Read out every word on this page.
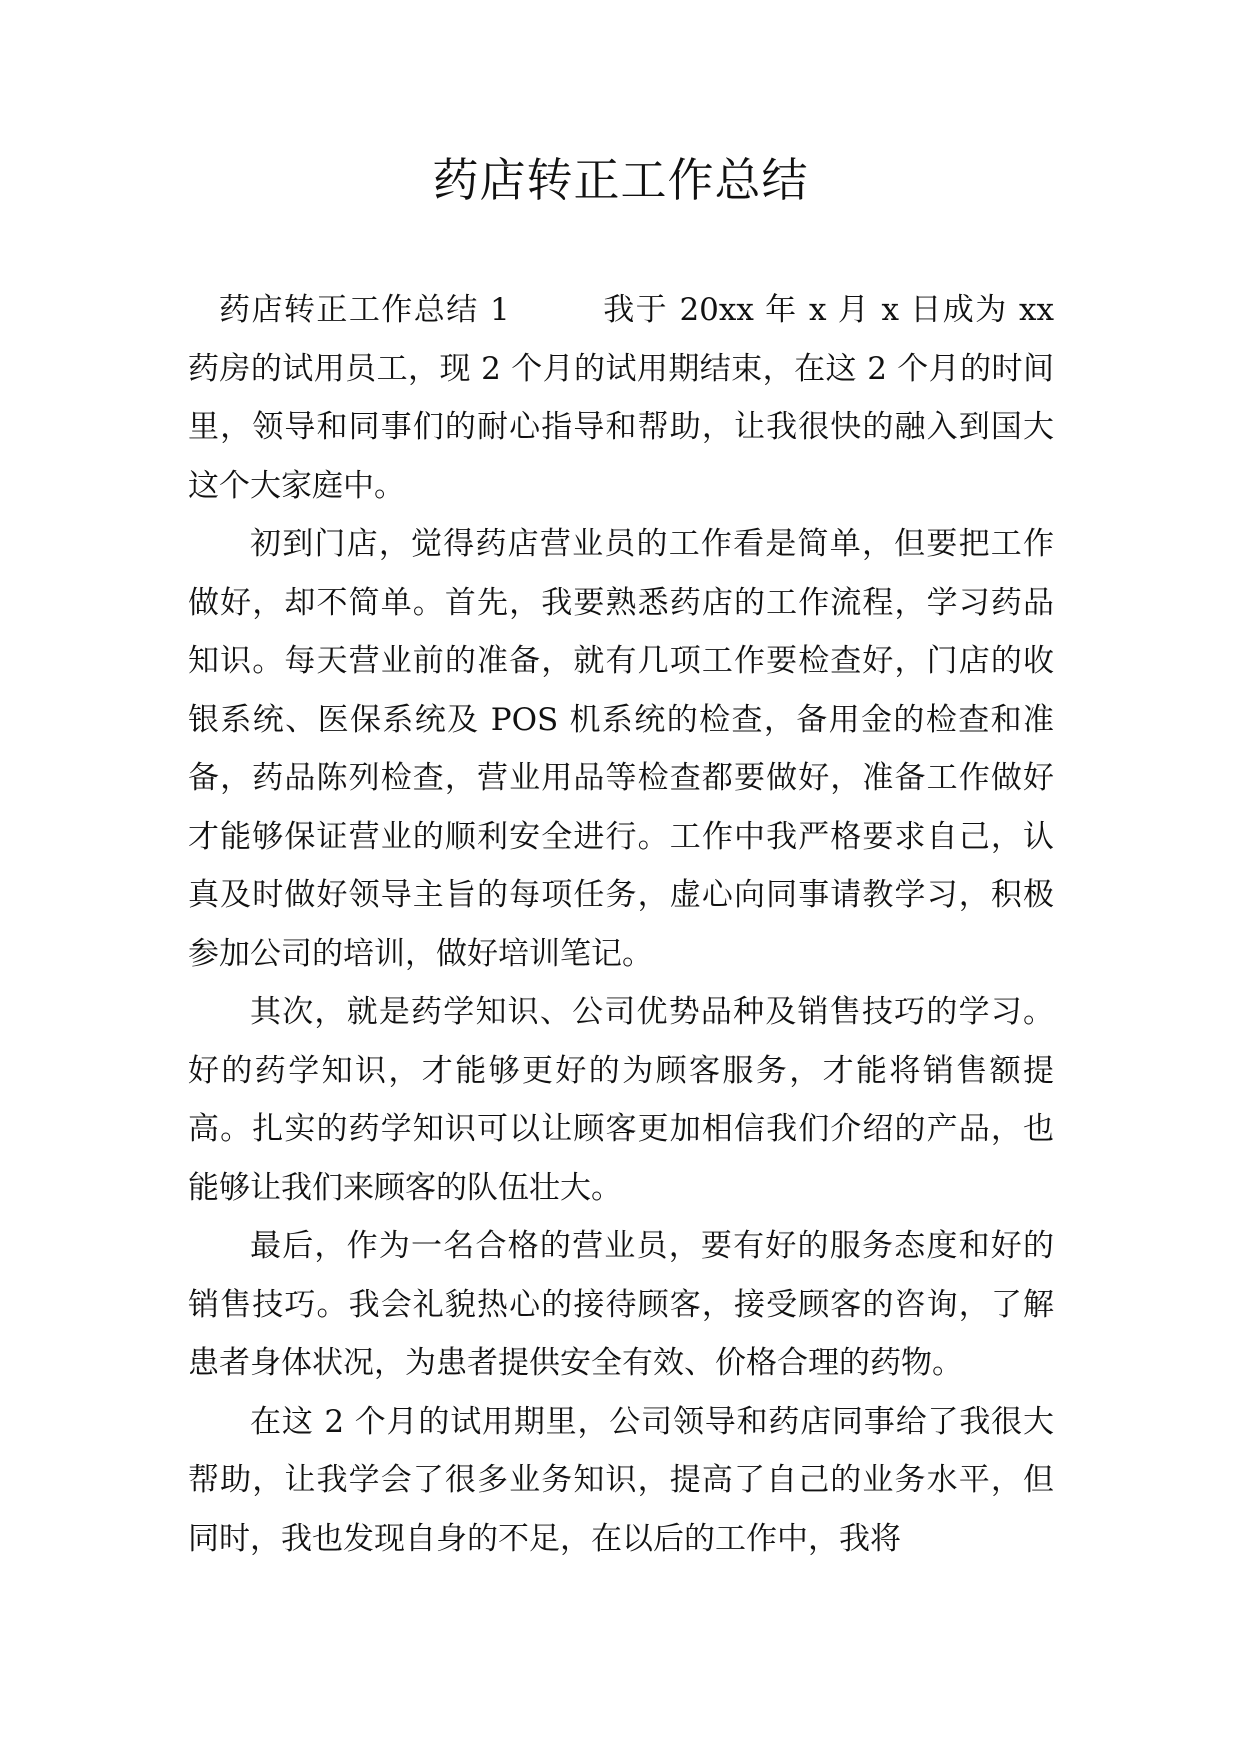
药店转正工作总结

药店转正工作总结 1	我于 20xx 年 x 月 x 日成为 xx 药房的试用员工，现 2 个月的试用期结束，在这 2 个月的时间里，领导和同事们的耐心指导和帮助，让我很快的融入到国大这个大家庭中。

初到门店，觉得药店营业员的工作看是简单，但要把工作做好，却不简单。首先，我要熟悉药店的工作流程，学习药品知识。每天营业前的准备，就有几项工作要检查好，门店的收银系统、医保系统及 POS 机系统的检查，备用金的检查和准备，药品陈列检查，营业用品等检查都要做好，准备工作做好才能够保证营业的顺利安全进行。工作中我严格要求自己，认真及时做好领导主旨的每项任务，虚心向同事请教学习，积极参加公司的培训，做好培训笔记。

其次，就是药学知识、公司优势品种及销售技巧的学习。好的药学知识，才能够更好的为顾客服务，才能将销售额提高。扎实的药学知识可以让顾客更加相信我们介绍的产品，也能够让我们来顾客的队伍壮大。

最后，作为一名合格的营业员，要有好的服务态度和好的销售技巧。我会礼貌热心的接待顾客，接受顾客的咨询，了解患者身体状况，为患者提供安全有效、价格合理的药物。

在这 2 个月的试用期里，公司领导和药店同事给了我很大帮助，让我学会了很多业务知识，提高了自己的业务水平，但同时，我也发现自身的不足，在以后的工作中，我将
